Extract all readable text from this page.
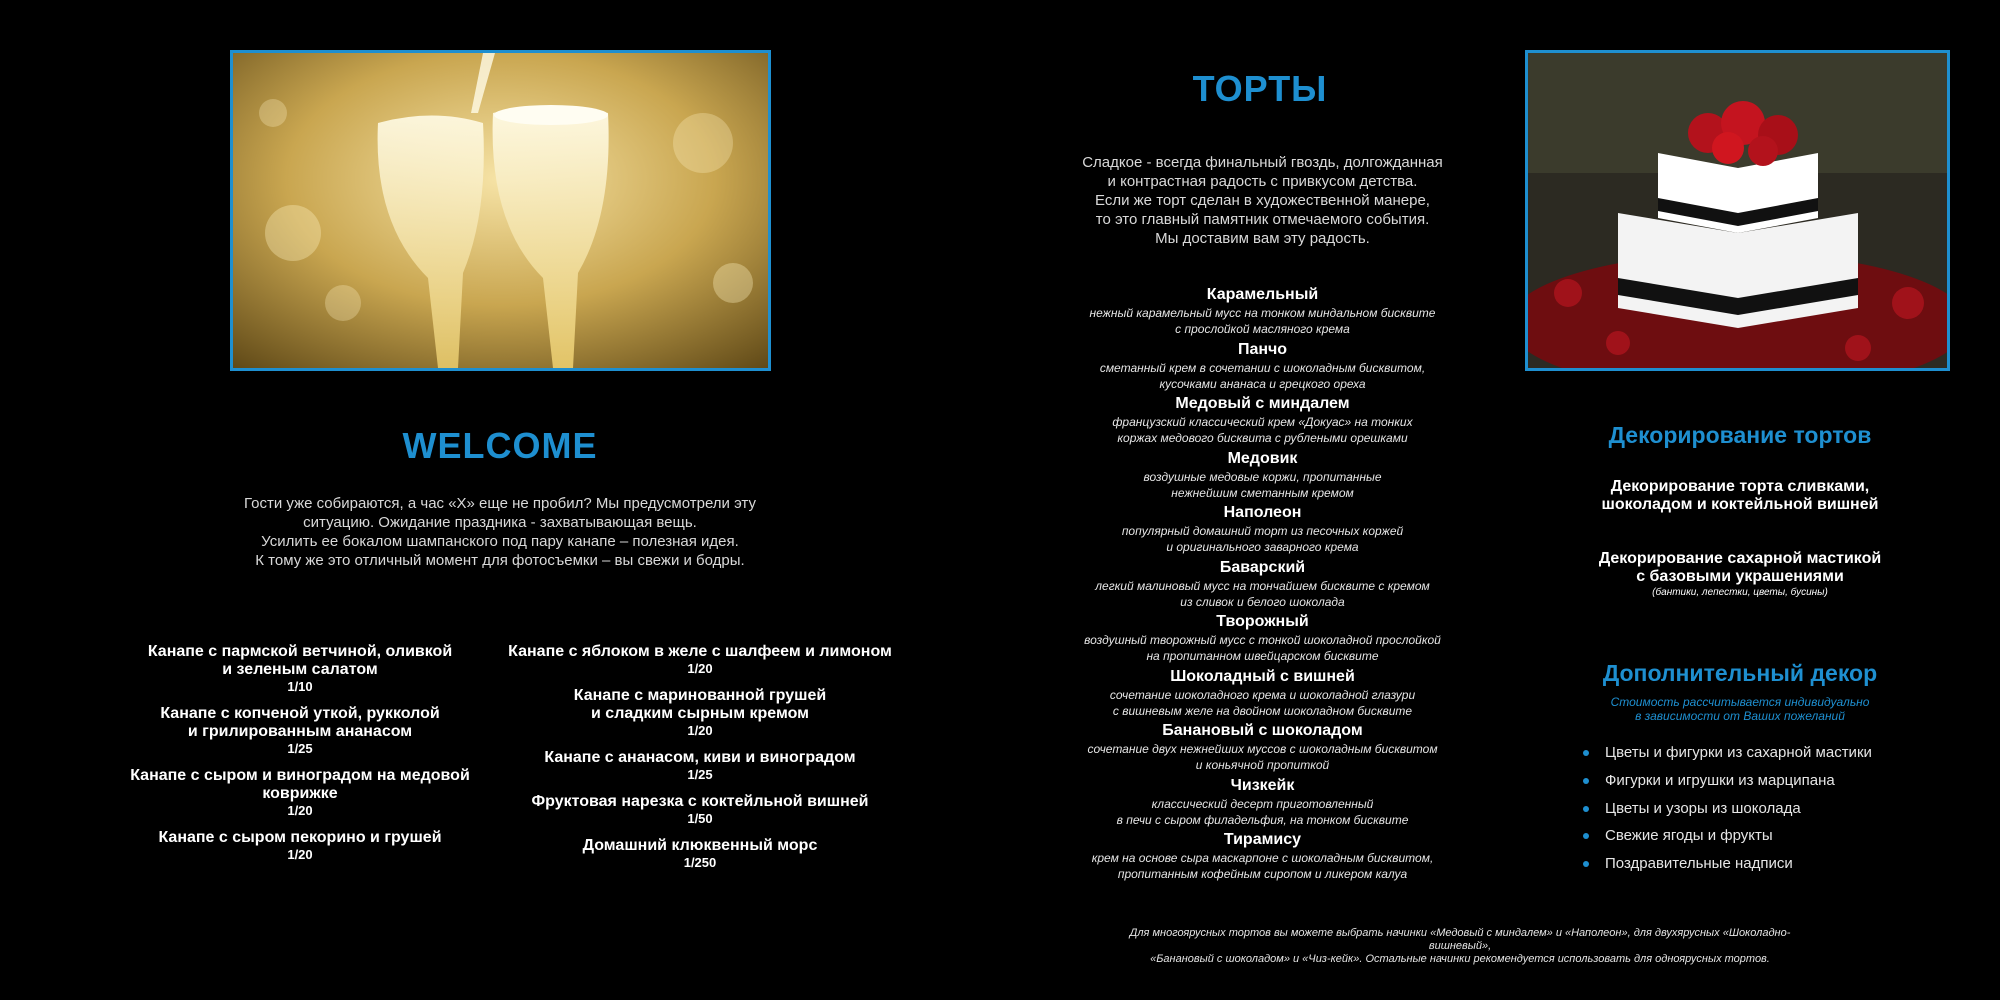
WELCOME
Гости уже собираются, а час «Х» еще не пробил? Мы предусмотрели эту
ситуацию. Ожидание праздника - захватывающая вещь.
Усилить ее бокалом шампанского под пару канапе – полезная идея.
К тому же это отличный момент для фотосъемки – вы свежи и бодры.
Канапе с пармской ветчиной, оливкой
и зеленым салатом
1/10
Канапе с копченой уткой, рукколой
и грилированным ананасом
1/25
Канапе с сыром и виноградом на медовой
коврижке
1/20
Канапе с сыром пекорино и грушей
1/20
Канапе с яблоком в желе с шалфеем и лимоном
1/20
Канапе с маринованной грушей
и сладким сырным кремом
1/20
Канапе с ананасом, киви и виноградом
1/25
Фруктовая нарезка с коктейльной вишней
1/50
Домашний клюквенный морс
1/250
ТОРТЫ
Сладкое - всегда финальный гвоздь, долгожданная
и контрастная радость с привкусом детства.
Если же торт сделан в художественной манере,
то это главный памятник отмечаемого события.
Мы доставим вам эту радость.
Карамельный
нежный карамельный мусс на тонком миндальном бисквите
с прослойкой масляного крема
Панчо
сметанный крем в сочетании с шоколадным бисквитом,
кусочками ананаса и грецкого ореха
Медовый с миндалем
французский классический крем «Докуас» на тонких
коржах медового бисквита с рублеными орешками
Медовик
воздушные медовые коржи, пропитанные
нежнейшим сметанным кремом
Наполеон
популярный домашний торт из песочных коржей
и оригинального заварного крема
Баварский
легкий малиновый мусс на тончайшем бисквите с кремом
из сливок и белого шоколада
Творожный
воздушный творожный мусс с тонкой шоколадной прослойкой
на пропитанном швейцарском бисквите
Шоколадный с вишней
сочетание шоколадного крема и шоколадной глазури
с вишневым желе на двойном шоколадном бисквите
Банановый с шоколадом
сочетание двух нежнейших муссов с шоколадным бисквитом
и коньячной пропиткой
Чизкейк
классический десерт приготовленный
в печи с сыром филадельфия, на тонком бисквите
Тирамису
крем на основе сыра маскарпоне с шоколадным бисквитом,
пропитанным кофейным сиропом и ликером калуа
Для многоярусных тортов вы можете выбрать начинки «Медовый с миндалем» и «Наполеон», для двухярусных «Шоколадно-вишневый»,
«Банановый с шоколадом» и «Чиз-кейк». Остальные начинки рекомендуется использовать для одноярусных тортов.
Декорирование тортов
Декорирование торта сливками,
шоколадом и коктейльной вишней
Декорирование сахарной мастикой
с базовыми украшениями
(бантики, лепестки, цветы, бусины)
Дополнительный декор
Стоимость рассчитывается индивидуально
в зависимости от Ваших пожеланий
Цветы и фигурки из сахарной мастики
Фигурки и игрушки из марципана
Цветы и узоры из шоколада
Свежие ягоды и фрукты
Поздравительные надписи
